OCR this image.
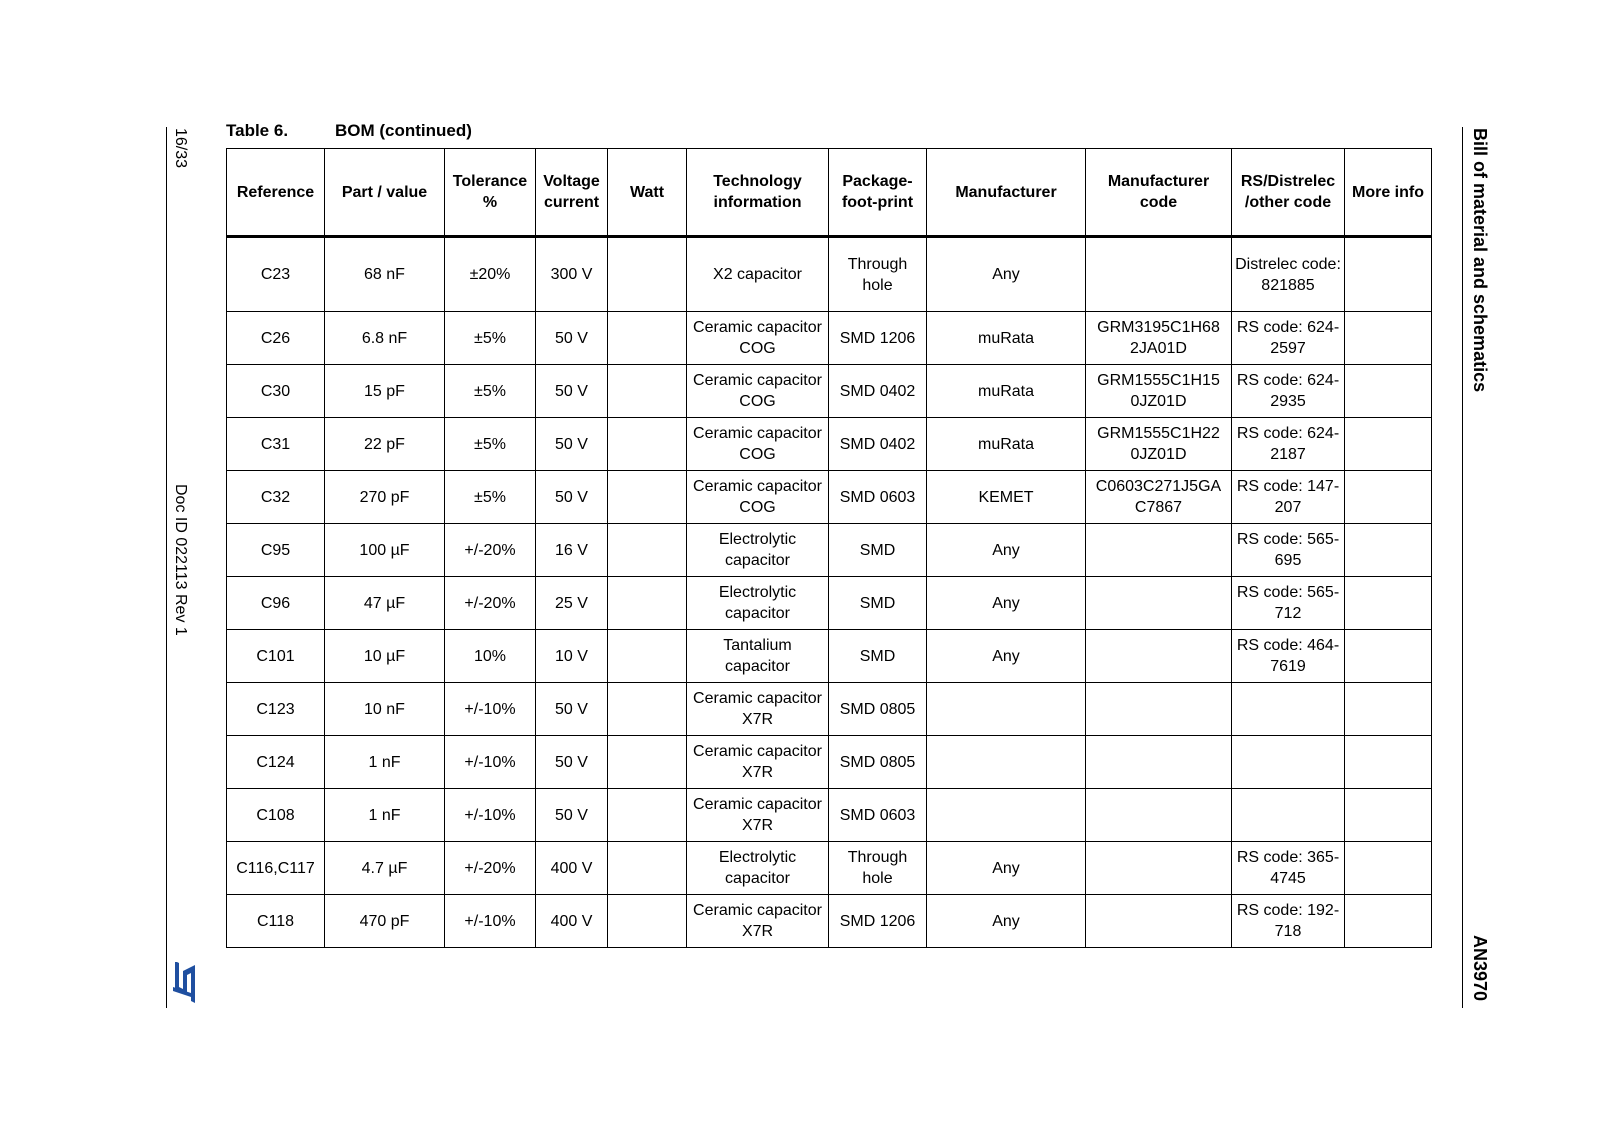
16/33
Doc ID 022113 Rev 1
Bill of material and schematics
AN3970
Table 6.	BOM (continued)
Reference	Part / value	Tolerance %	Voltage current	Watt	Technology information	Package-foot-print	Manufacturer	Manufacturer code	RS/Distrelec /other code	More info
C23	68 nF	±20%	300 V		X2 capacitor	Through hole	Any		Distrelec code: 821885	
C26	6.8 nF	±5%	50 V		Ceramic capacitor COG	SMD 1206	muRata	GRM3195C1H68 2JA01D	RS code: 624-2597	
C30	15 pF	±5%	50 V		Ceramic capacitor COG	SMD 0402	muRata	GRM1555C1H15 0JZ01D	RS code: 624-2935	
C31	22 pF	±5%	50 V		Ceramic capacitor COG	SMD 0402	muRata	GRM1555C1H22 0JZ01D	RS code: 624-2187	
C32	270 pF	±5%	50 V		Ceramic capacitor COG	SMD 0603	KEMET	C0603C271J5GA C7867	RS code: 147-207	
C95	100 µF	+/-20%	16 V		Electrolytic capacitor	SMD	Any		RS code: 565-695	
C96	47 µF	+/-20%	25 V		Electrolytic capacitor	SMD	Any		RS code: 565-712	
C101	10 µF	10%	10 V		Tantalium capacitor	SMD	Any		RS code: 464-7619	
C123	10 nF	+/-10%	50 V		Ceramic capacitor X7R	SMD 0805				
C124	1 nF	+/-10%	50 V		Ceramic capacitor X7R	SMD 0805				
C108	1 nF	+/-10%	50 V		Ceramic capacitor X7R	SMD 0603				
C116,C117	4.7 µF	+/-20%	400 V		Electrolytic capacitor	Through hole	Any		RS code: 365-4745	
C118	470 pF	+/-10%	400 V		Ceramic capacitor X7R	SMD 1206	Any		RS code: 192-718	
